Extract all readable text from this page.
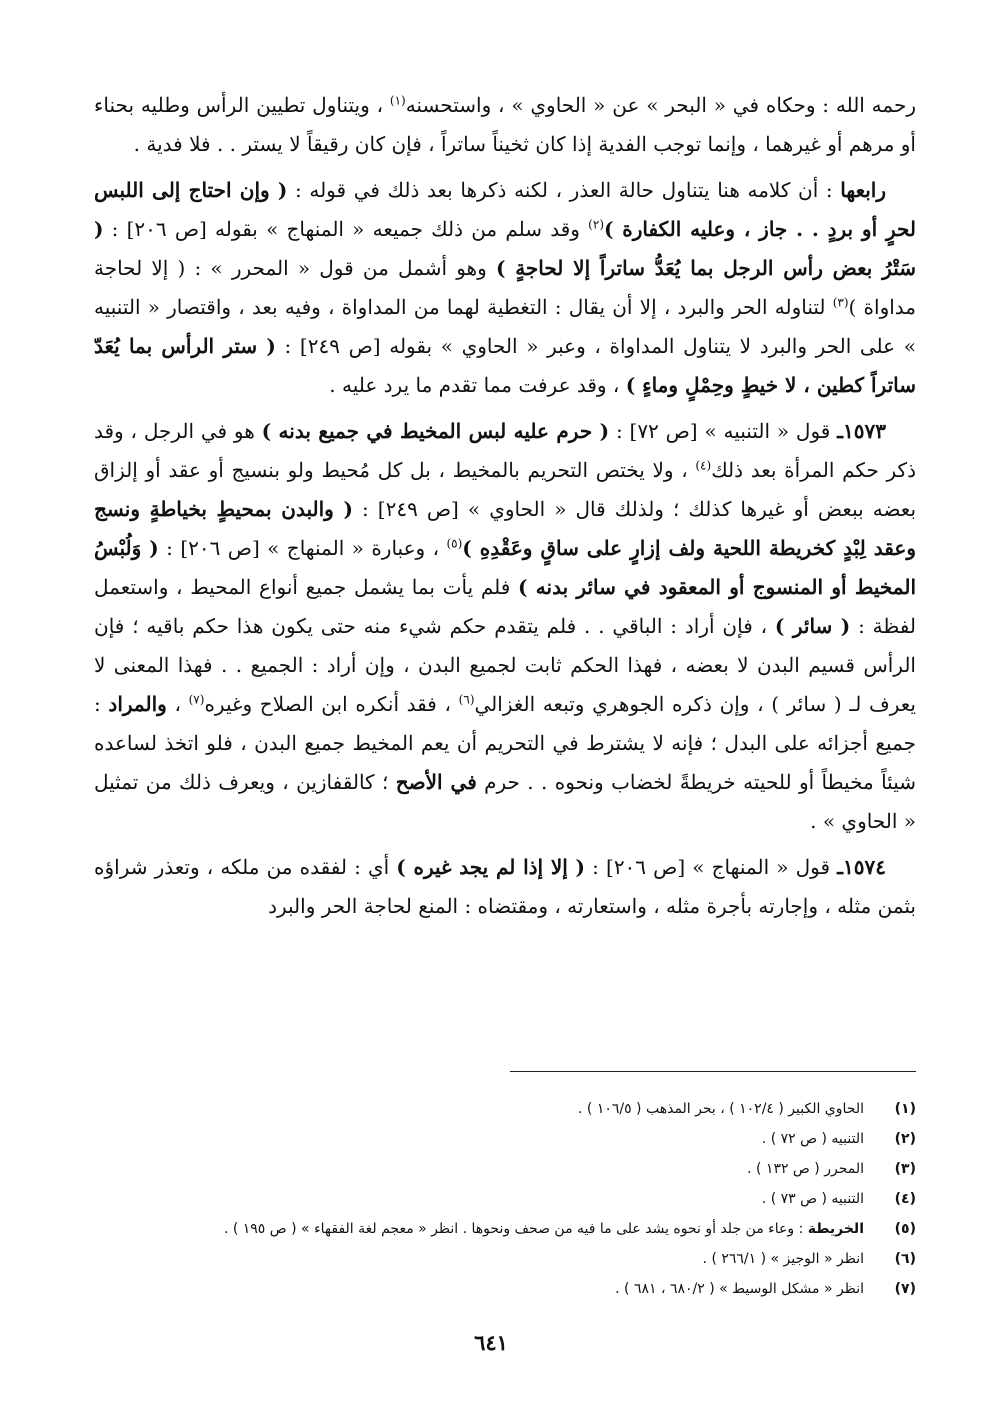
رحمه الله : وحكاه في « البحر » عن « الحاوي » ، واستحسنه$^{(١)}$ ، ويتناول تطيين الرأس وطليه بحناء أو مرهم أو غيرهما ، وإنما توجب الفدية إذا كان ثخيناً ساتراً ، فإن كان رقيقاً لا يستر . . فلا فدية .

رابعها : أن كلامه هنا يتناول حالة العذر ، لكنه ذكرها بعد ذلك في قوله : ( وإن احتاج إلى اللبس لحرٍ أو بردٍ . . جاز ، وعليه الكفارة )$^{(٢)}$ وقد سلم من ذلك جميعه « المنهاج » بقوله [ص ٢٠٦] : ( سَتْرُ بعض رأس الرجل بما يُعَدُّ ساتراً إلا لحاجةٍ ) وهو أشمل من قول « المحرر » : ( إلا لحاجة مداواة )$^{(٣)}$ لتناوله الحر والبرد ، إلا أن يقال : التغطية لهما من المداواة ، وفيه بعد ، واقتصار « التنبيه » على الحر والبرد لا يتناول المداواة ، وعبر « الحاوي » بقوله [ص ٢٤٩] : ( ستر الرأس بما يُعَدّ ساتراً كطين ، لا خيطٍ وحِمْلٍ وماءٍ ) ، وقد عرفت مما تقدم ما يرد عليه .

١٥٧٣ـ قول « التنبيه » [ص ٧٢] : ( حرم عليه لبس المخيط في جميع بدنه ) هو في الرجل ، وقد ذكر حكم المرأة بعد ذلك$^{(٤)}$ ، ولا يختص التحريم بالمخيط ، بل كل مُحيط ولو بنسيج أو عقد أو إلزاق بعضه ببعض أو غيرها كذلك ؛ ولذلك قال « الحاوي » [ص ٢٤٩] : ( والبدن بمحيطٍ بخياطةٍ ونسج وعقد لِبْدٍ كخريطة اللحية ولف إزارٍ على ساقٍ وعَقْدِهِ )$^{(٥)}$ ، وعبارة « المنهاج » [ص ٢٠٦] : ( وَلُبْسُ المخيط أو المنسوج أو المعقود في سائر بدنه ) فلم يأت بما يشمل جميع أنواع المحيط ، واستعمل لفظة : ( سائر ) ، فإن أراد : الباقي . . فلم يتقدم حكم شيء منه حتى يكون هذا حكم باقيه ؛ فإن الرأس قسيم البدن لا بعضه ، فهذا الحكم ثابت لجميع البدن ، وإن أراد : الجميع . . فهذا المعنى لا يعرف لـ ( سائر ) ، وإن ذكره الجوهري وتبعه الغزالي$^{(٦)}$ ، فقد أنكره ابن الصلاح وغيره$^{(٧)}$ ، والمراد : جميع أجزائه على البدل ؛ فإنه لا يشترط في التحريم أن يعم المخيط جميع البدن ، فلو اتخذ لساعده شيئاً مخيطاً أو للحيته خريطةً لخضاب ونحوه . . حرم في الأصح ؛ كالقفازين ، ويعرف ذلك من تمثيل « الحاوي » .

١٥٧٤ـ قول « المنهاج » [ص ٢٠٦] : ( إلا إذا لم يجد غيره ) أي : لفقده من ملكه ، وتعذر شراؤه بثمن مثله ، وإجارته بأجرة مثله ، واستعارته ، ومقتضاه : المنع لحاجة الحر والبرد

(١)
الحاوي الكبير ( ١٠٢/٤ ) ، بحر المذهب ( ١٠٦/٥ ) .
(٢)
التنبيه ( ص ٧٢ ) .
(٣)
المحرر ( ص ١٣٢ ) .
(٤)
التنبيه ( ص ٧٣ ) .
(٥)
الخريطة : وعاء من جلد أو نحوه يشد على ما فيه من صحف ونحوها . انظر « معجم لغة الفقهاء » ( ص ١٩٥ ) .
(٦)
انظر « الوجيز » ( ٢٦٦/١ ) .
(٧)
انظر « مشكل الوسيط » ( ٦٨٠/٢ ، ٦٨١ ) .
٦٤١
